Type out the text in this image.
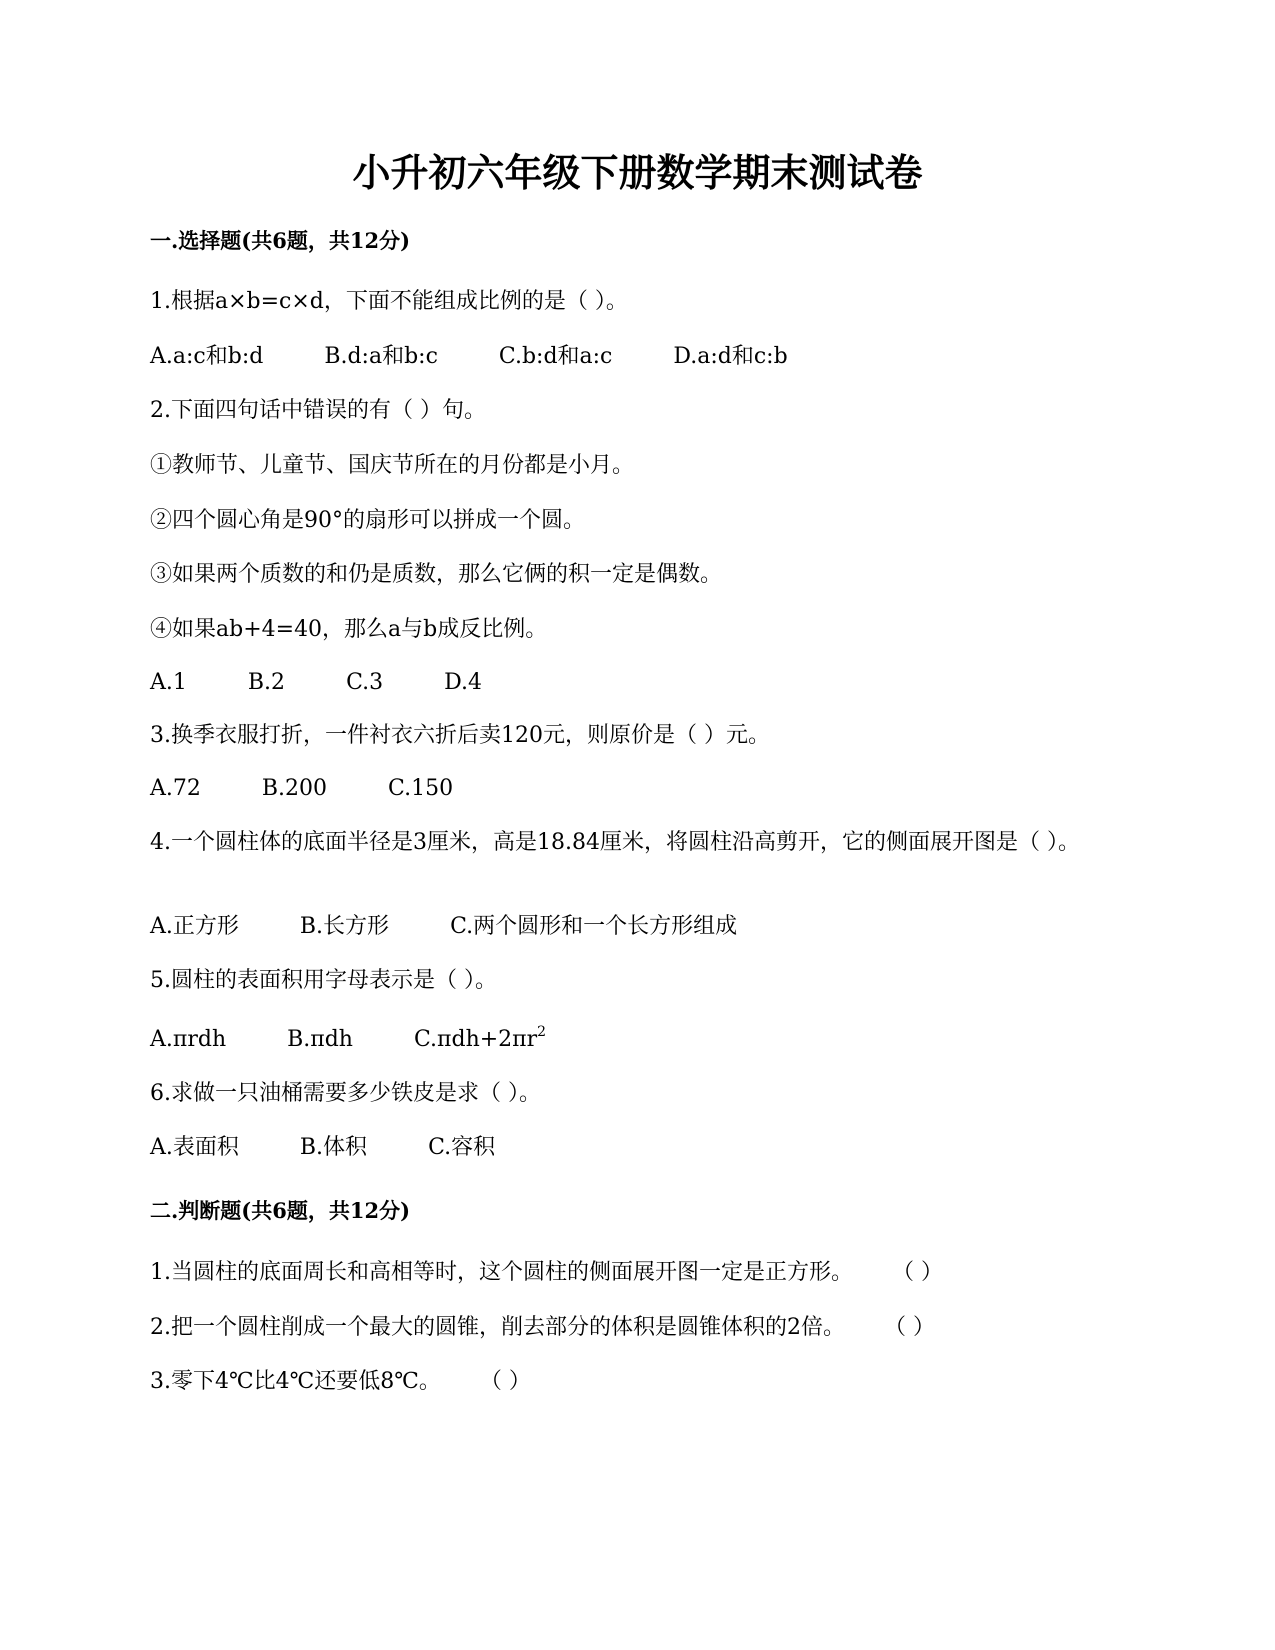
小升初六年级下册数学期末测试卷
一.选择题(共6题，共12分)
1.根据a×b=c×d，下面不能组成比例的是（ ）。
A.a:c和b:d	B.d:a和b:c	C.b:d和a:c	D.a:d和c:b
2.下面四句话中错误的有（ ）句。
①教师节、儿童节、国庆节所在的月份都是小月。
②四个圆心角是90°的扇形可以拼成一个圆。
③如果两个质数的和仍是质数，那么它俩的积一定是偶数。
④如果ab+4=40，那么a与b成反比例。
A.1	B.2	C.3	D.4
3.换季衣服打折，一件衬衣六折后卖120元，则原价是（ ）元。
A.72	B.200	C.150
4.一个圆柱体的底面半径是3厘米，高是18.84厘米，将圆柱沿高剪开，它的侧面展开图是（ ）。
A.正方形	B.长方形	C.两个圆形和一个长方形组成
5.圆柱的表面积用字母表示是（ ）。
A.πrdh	B.πdh	$C.\pi dh+2\pi r^2$
6.求做一只油桶需要多少铁皮是求（ ）。
A.表面积	B.体积	C.容积
二.判断题(共6题，共12分)
1.当圆柱的底面周长和高相等时，这个圆柱的侧面展开图一定是正方形。 （ ）
2.把一个圆柱削成一个最大的圆锥，削去部分的体积是圆锥体积的2倍。 （ ）
3.零下4℃比4℃还要低8℃。 （ ）
